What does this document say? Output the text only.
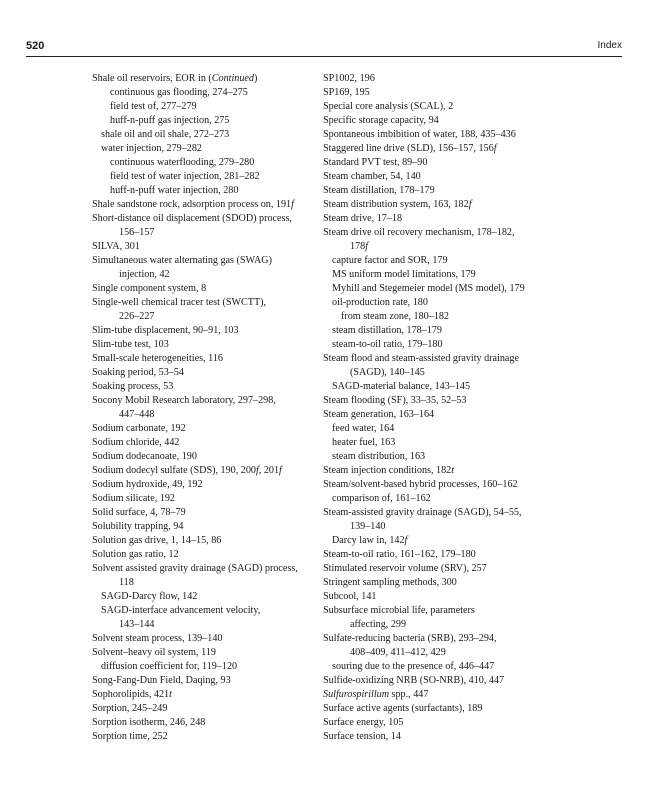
520	Index
Shale oil reservoirs, EOR in (Continued)
continuous gas flooding, 274–275
field test of, 277–279
huff-n-puff gas injection, 275
shale oil and oil shale, 272–273
water injection, 279–282
continuous waterflooding, 279–280
field test of water injection, 281–282
huff-n-puff water injection, 280
Shale sandstone rock, adsorption process on, 191f
Short-distance oil displacement (SDOD) process,
156–157
SILVA, 301
Simultaneous water alternating gas (SWAG)
injection, 42
Single component system, 8
Single-well chemical tracer test (SWCTT),
226–227
Slim-tube displacement, 90–91, 103
Slim-tube test, 103
Small-scale heterogeneities, 116
Soaking period, 53–54
Soaking process, 53
Socony Mobil Research laboratory, 297–298,
447–448
Sodium carbonate, 192
Sodium chloride, 442
Sodium dodecanoate, 190
Sodium dodecyl sulfate (SDS), 190, 200f, 201f
Sodium hydroxide, 49, 192
Sodium silicate, 192
Solid surface, 4, 78–79
Solubility trapping, 94
Solution gas drive, 1, 14–15, 86
Solution gas ratio, 12
Solvent assisted gravity drainage (SAGD) process,
118
SAGD-Darcy flow, 142
SAGD-interface advancement velocity,
143–144
Solvent steam process, 139–140
Solvent–heavy oil system, 119
diffusion coefficient for, 119–120
Song-Fang-Dun Field, Daqing, 93
Sophorolipids, 421t
Sorption, 245–249
Sorption isotherm, 246, 248
Sorption time, 252
SP1002, 196
SP169, 195
Special core analysis (SCAL), 2
Specific storage capacity, 94
Spontaneous imbibition of water, 188, 435–436
Staggered line drive (SLD), 156–157, 156f
Standard PVT test, 89–90
Steam chamber, 54, 140
Steam distillation, 178–179
Steam distribution system, 163, 182f
Steam drive, 17–18
Steam drive oil recovery mechanism, 178–182,
178f
capture factor and SOR, 179
MS uniform model limitations, 179
Myhill and Stegemeier model (MS model), 179
oil-production rate, 180
from steam zone, 180–182
steam distillation, 178–179
steam-to-oil ratio, 179–180
Steam flood and steam-assisted gravity drainage
(SAGD), 140–145
SAGD-material balance, 143–145
Steam flooding (SF), 33–35, 52–53
Steam generation, 163–164
feed water, 164
heater fuel, 163
steam distribution, 163
Steam injection conditions, 182t
Steam/solvent-based hybrid processes, 160–162
comparison of, 161–162
Steam-assisted gravity drainage (SAGD), 54–55,
139–140
Darcy law in, 142f
Steam-to-oil ratio, 161–162, 179–180
Stimulated reservoir volume (SRV), 257
Stringent sampling methods, 300
Subcool, 141
Subsurface microbial life, parameters
affecting, 299
Sulfate-reducing bacteria (SRB), 293–294,
408–409, 411–412, 429
souring due to the presence of, 446–447
Sulfide-oxidizing NRB (SO-NRB), 410, 447
Sulfurospirillum spp., 447
Surface active agents (surfactants), 189
Surface energy, 105
Surface tension, 14
